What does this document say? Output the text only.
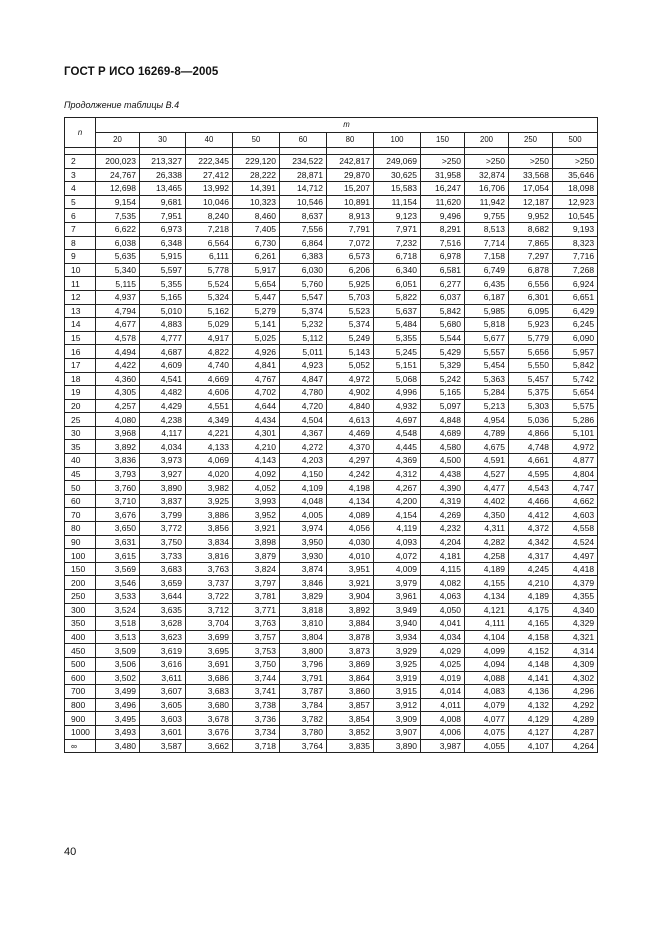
ГОСТ Р ИСО 16269-8—2005
Продолжение таблицы В.4
n	m										
	20	30	40	50	60	80	100	150	200	250	500

2	200,023	213,327	222,345	229,120	234,522	242,817	249,069	>250	>250	>250	>250
3	24,767	26,338	27,412	28,222	28,871	29,870	30,625	31,958	32,874	33,568	35,646
4	12,698	13,465	13,992	14,391	14,712	15,207	15,583	16,247	16,706	17,054	18,098
5	9,154	9,681	10,046	10,323	10,546	10,891	11,154	11,620	11,942	12,187	12,923
6	7,535	7,951	8,240	8,460	8,637	8,913	9,123	9,496	9,755	9,952	10,545
7	6,622	6,973	7,218	7,405	7,556	7,791	7,971	8,291	8,513	8,682	9,193
8	6,038	6,348	6,564	6,730	6,864	7,072	7,232	7,516	7,714	7,865	8,323
9	5,635	5,915	6,111	6,261	6,383	6,573	6,718	6,978	7,158	7,297	7,716
10	5,340	5,597	5,778	5,917	6,030	6,206	6,340	6,581	6,749	6,878	7,268
11	5,115	5,355	5,524	5,654	5,760	5,925	6,051	6,277	6,435	6,556	6,924
12	4,937	5,165	5,324	5,447	5,547	5,703	5,822	6,037	6,187	6,301	6,651
13	4,794	5,010	5,162	5,279	5,374	5,523	5,637	5,842	5,985	6,095	6,429
14	4,677	4,883	5,029	5,141	5,232	5,374	5,484	5,680	5,818	5,923	6,245
15	4,578	4,777	4,917	5,025	5,112	5,249	5,355	5,544	5,677	5,779	6,090
16	4,494	4,687	4,822	4,926	5,011	5,143	5,245	5,429	5,557	5,656	5,957
17	4,422	4,609	4,740	4,841	4,923	5,052	5,151	5,329	5,454	5,550	5,842
18	4,360	4,541	4,669	4,767	4,847	4,972	5,068	5,242	5,363	5,457	5,742
19	4,305	4,482	4,606	4,702	4,780	4,902	4,996	5,165	5,284	5,375	5,654
20	4,257	4,429	4,551	4,644	4,720	4,840	4,932	5,097	5,213	5,303	5,575
25	4,080	4,238	4,349	4,434	4,504	4,613	4,697	4,848	4,954	5,036	5,286
30	3,968	4,117	4,221	4,301	4,367	4,469	4,548	4,689	4,789	4,866	5,101
35	3,892	4,034	4,133	4,210	4,272	4,370	4,445	4,580	4,675	4,748	4,972
40	3,836	3,973	4,069	4,143	4,203	4,297	4,369	4,500	4,591	4,661	4,877
45	3,793	3,927	4,020	4,092	4,150	4,242	4,312	4,438	4,527	4,595	4,804
50	3,760	3,890	3,982	4,052	4,109	4,198	4,267	4,390	4,477	4,543	4,747
60	3,710	3,837	3,925	3,993	4,048	4,134	4,200	4,319	4,402	4,466	4,662
70	3,676	3,799	3,886	3,952	4,005	4,089	4,154	4,269	4,350	4,412	4,603
80	3,650	3,772	3,856	3,921	3,974	4,056	4,119	4,232	4,311	4,372	4,558
90	3,631	3,750	3,834	3,898	3,950	4,030	4,093	4,204	4,282	4,342	4,524
100	3,615	3,733	3,816	3,879	3,930	4,010	4,072	4,181	4,258	4,317	4,497
150	3,569	3,683	3,763	3,824	3,874	3,951	4,009	4,115	4,189	4,245	4,418
200	3,546	3,659	3,737	3,797	3,846	3,921	3,979	4,082	4,155	4,210	4,379
250	3,533	3,644	3,722	3,781	3,829	3,904	3,961	4,063	4,134	4,189	4,355
300	3,524	3,635	3,712	3,771	3,818	3,892	3,949	4,050	4,121	4,175	4,340
350	3,518	3,628	3,704	3,763	3,810	3,884	3,940	4,041	4,111	4,165	4,329
400	3,513	3,623	3,699	3,757	3,804	3,878	3,934	4,034	4,104	4,158	4,321
450	3,509	3,619	3,695	3,753	3,800	3,873	3,929	4,029	4,099	4,152	4,314
500	3,506	3,616	3,691	3,750	3,796	3,869	3,925	4,025	4,094	4,148	4,309
600	3,502	3,611	3,686	3,744	3,791	3,864	3,919	4,019	4,088	4,141	4,302
700	3,499	3,607	3,683	3,741	3,787	3,860	3,915	4,014	4,083	4,136	4,296
800	3,496	3,605	3,680	3,738	3,784	3,857	3,912	4,011	4,079	4,132	4,292
900	3,495	3,603	3,678	3,736	3,782	3,854	3,909	4,008	4,077	4,129	4,289
1000	3,493	3,601	3,676	3,734	3,780	3,852	3,907	4,006	4,075	4,127	4,287
∞	3,480	3,587	3,662	3,718	3,764	3,835	3,890	3,987	4,055	4,107	4,264
40
